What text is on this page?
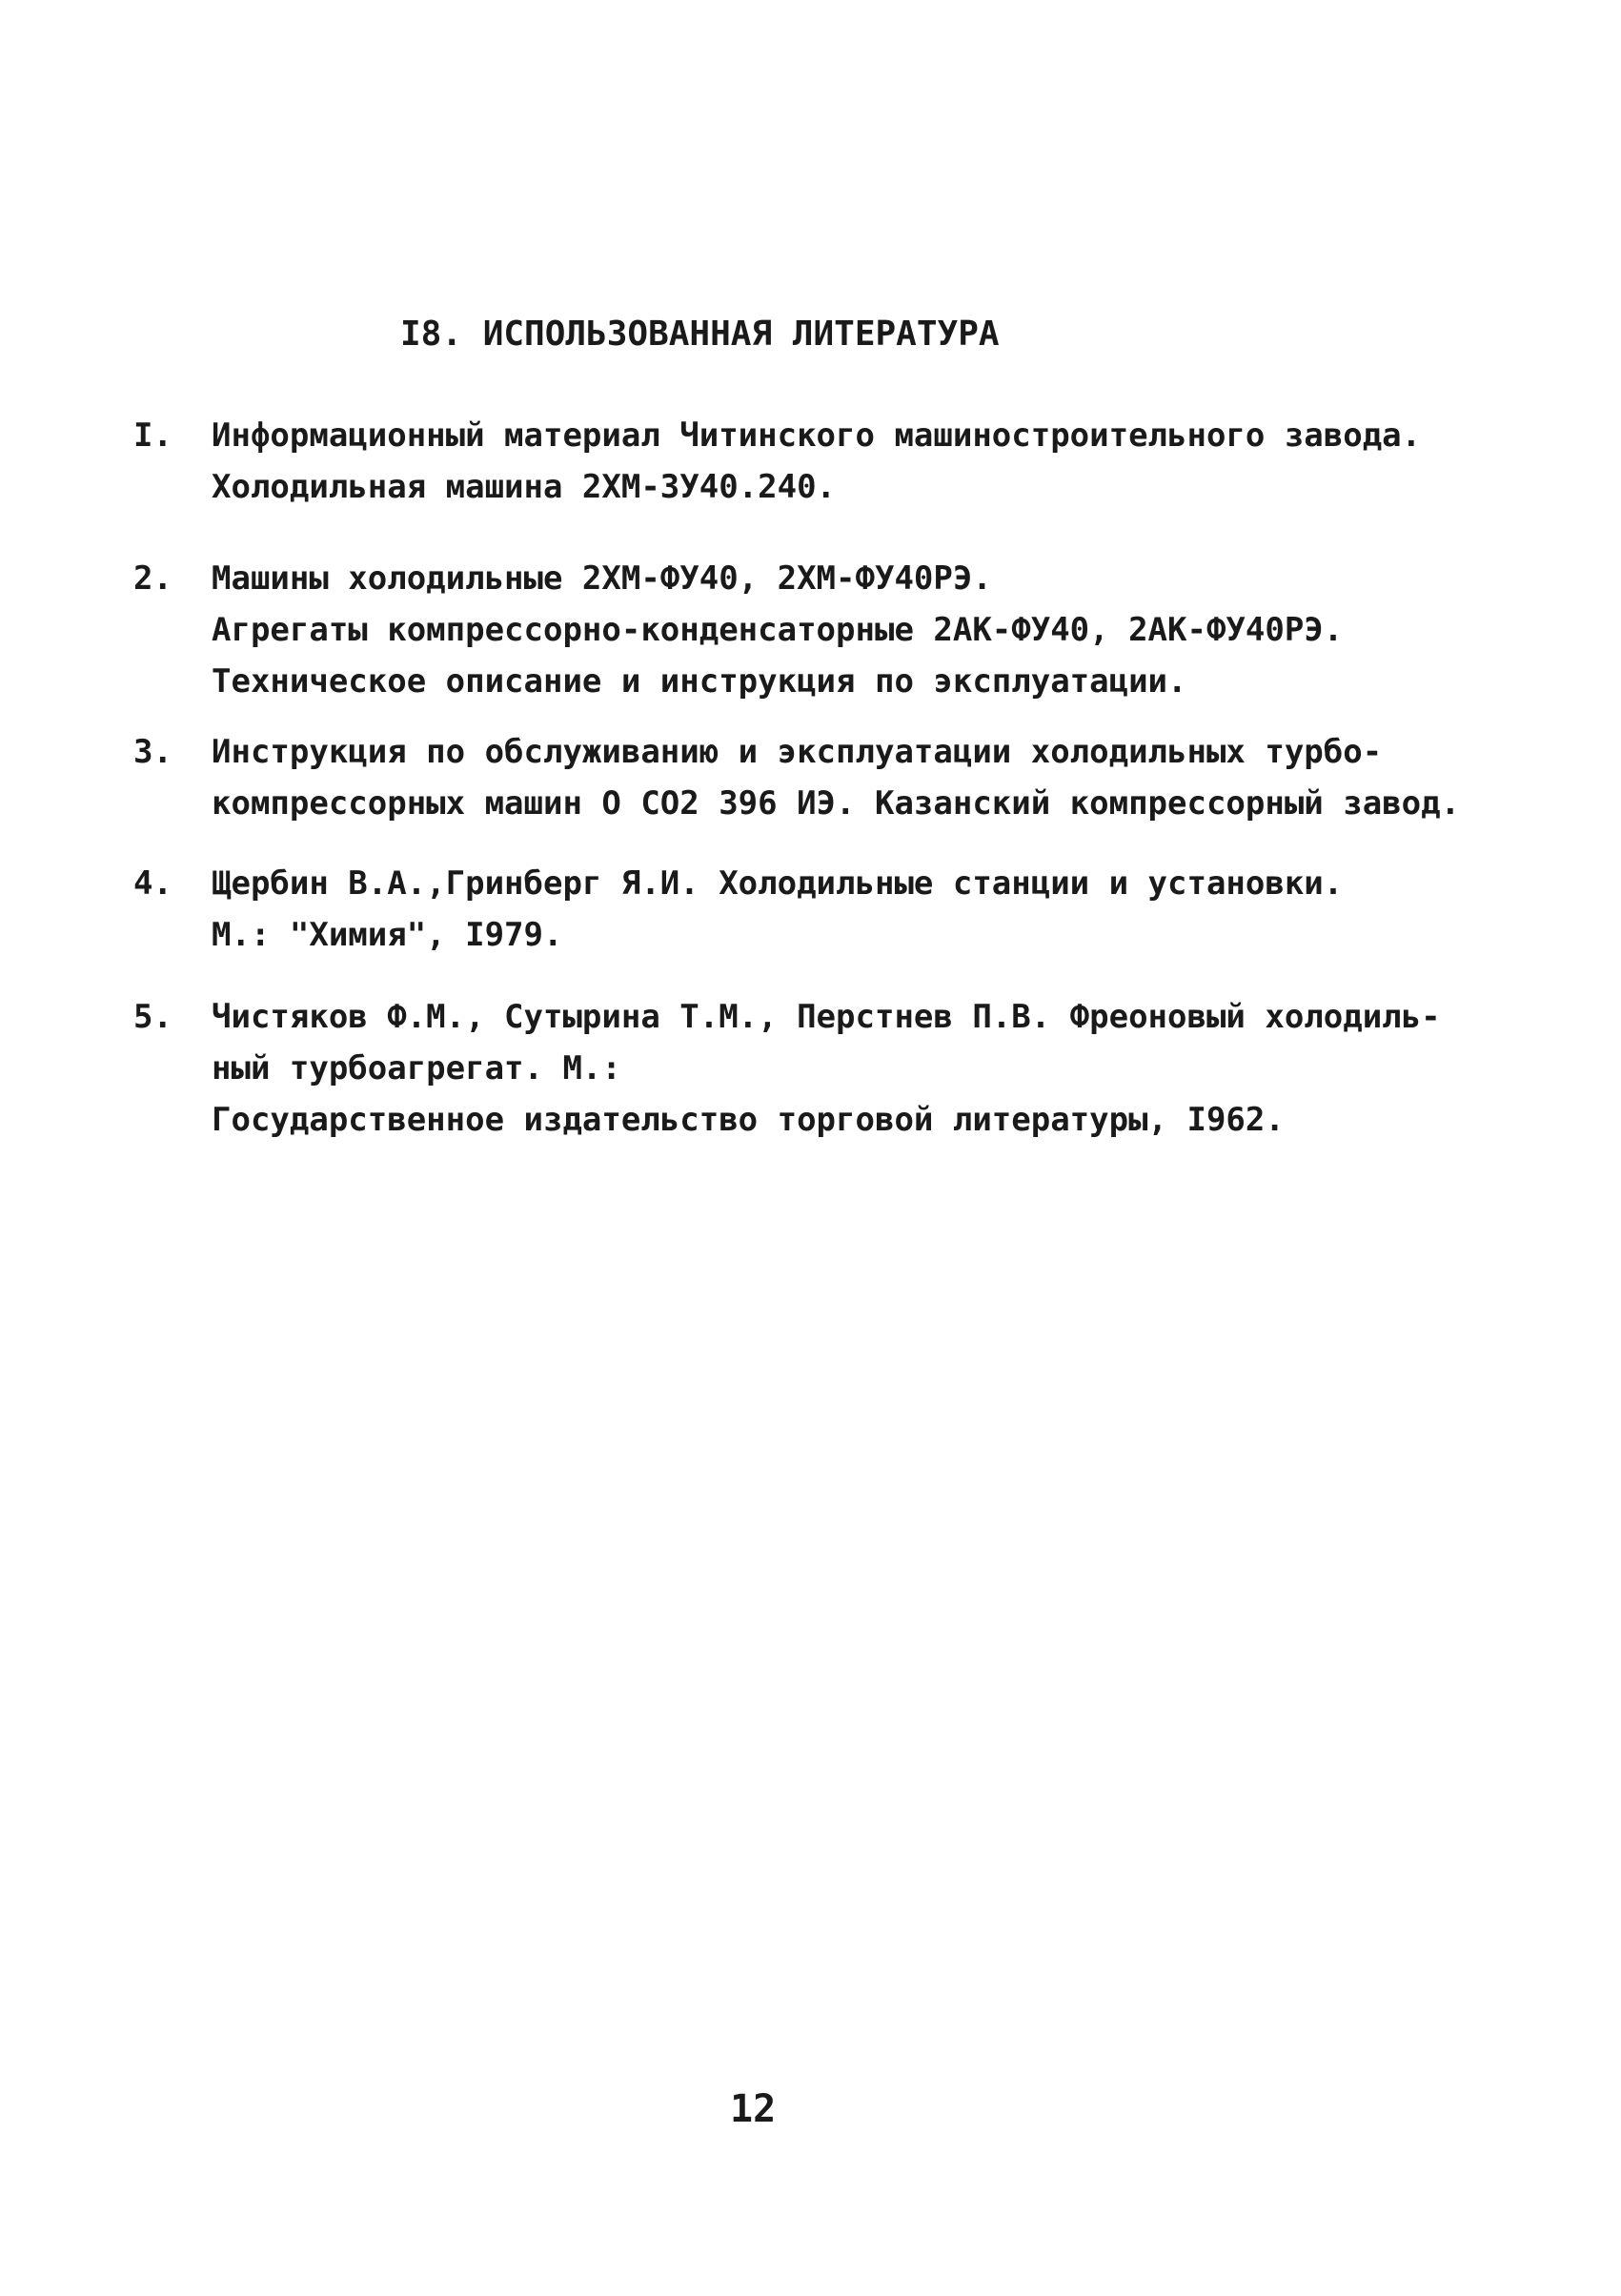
I8. ИСПОЛЬЗОВАННАЯ ЛИТЕРАТУРА
I.	Информационный материал Читинского машиностроительного завода.
Холодильная машина 2ХМ-ЗУ40.240.
2.	Машины холодильные 2ХМ-ФУ40, 2ХМ-ФУ40РЭ.
Агрегаты компрессорно-конденсаторные 2АК-ФУ40, 2АК-ФУ40РЭ.
Техническое описание и инструкция по эксплуатации.
3.	Инструкция по обслуживанию и эксплуатации холодильных турбо-
компрессорных машин О СО2 396 ИЭ. Казанский компрессорный завод.
4.	Щербин В.А.,Гринберг Я.И. Холодильные станции и установки.
М.: "Химия", I979.
5.	Чистяков Ф.М., Сутырина Т.М., Перстнев П.В. Фреоновый холодиль-
ный турбоагрегат. М.:
Государственное издательство торговой литературы, I962.
12
